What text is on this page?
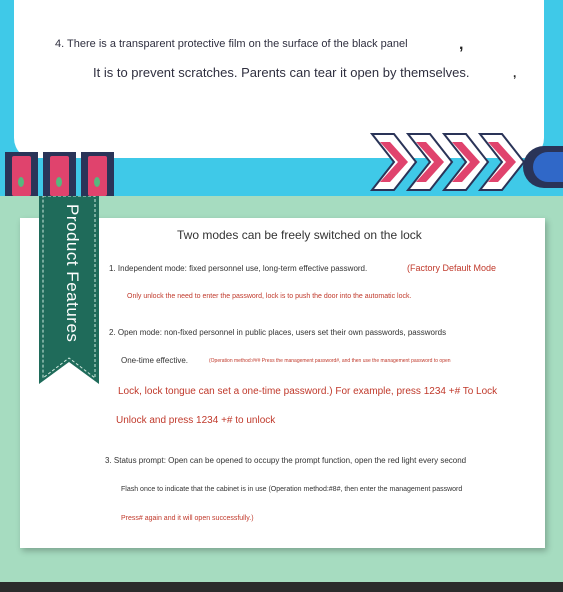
4. There is a transparent protective film on the surface of the black panel	,
It is to prevent scratches. Parents can tear it open by themselves.	,
Two modes can be freely switched on the lock
1. Independent mode: fixed personnel use, long-term effective password.	(Factory Default Mode
Only unlock the need to enter the password, lock is to push the door into the automatic lock.
2. Open mode: non-fixed personnel in public places, users set their own passwords, passwords
One-time effective.	(Operation method:### Press the management password#, and then use the management password to open
Lock, lock tongue can set a one-time password.) For example, press 1234 +# To Lock
Unlock and press 1234 +# to unlock
3. Status prompt: Open can be opened to occupy the prompt function, open the red light every second
Flash once to indicate that the cabinet is in use (Operation method:#8#, then enter the management password
Press# again and it will open successfully.)
Product Features
